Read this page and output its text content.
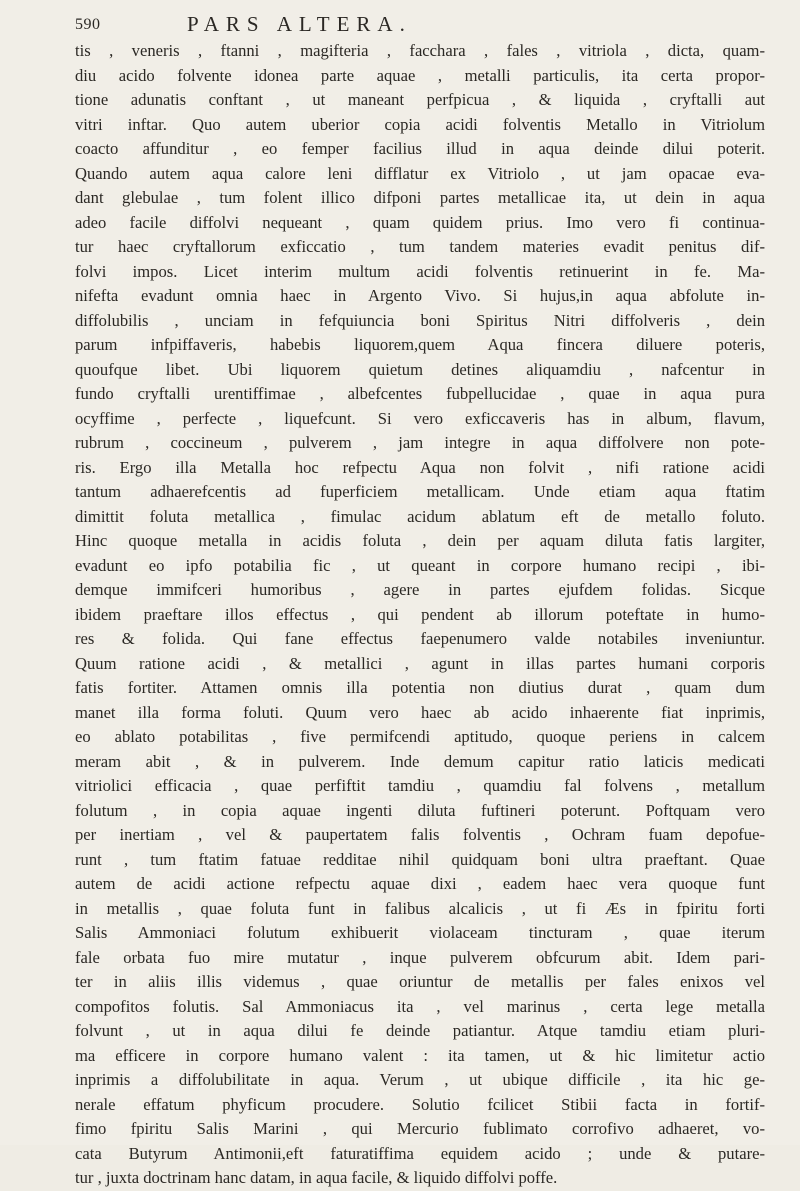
590	PARS ALTERA.
tis , veneris , ftanni , magifteria , facchara , fales , vitriola , dicta, quam-
diu acido folvente idonea parte aquae , metalli particulis, ita certa propor-
tione adunatis conftant , ut maneant perfpicua , & liquida , cryftalli aut
vitri inftar. Quo autem uberior copia acidi folventis Metallo in Vitriolum
coacto affunditur , eo femper facilius illud in aqua deinde dilui poterit.
Quando autem aqua calore leni difflatur ex Vitriolo , ut jam opacae eva-
dant glebulae , tum folent illico difponi partes metallicae ita, ut dein in aqua
adeo facile diffolvi nequeant , quam quidem prius. Imo vero fi continua-
tur haec cryftallorum exficcatio , tum tandem materies evadit penitus dif-
folvi impos. Licet interim multum acidi folventis retinuerint in fe. Ma-
nifefta evadunt omnia haec in Argento Vivo. Si hujus,in aqua abfolute in-
diffolubilis , unciam in fefquiuncia boni Spiritus Nitri diffolveris , dein
parum infpiffaveris, habebis liquorem,quem Aqua fincera diluere poteris,
quoufque libet. Ubi liquorem quietum detines aliquamdiu , nafcentur in
fundo cryftalli urentiffimae , albefcentes fubpellucidae , quae in aqua pura
ocyffime , perfecte , liquefcunt. Si vero exficcaveris has in album, flavum,
rubrum , coccineum , pulverem , jam integre in aqua diffolvere non pote-
ris. Ergo illa Metalla hoc refpectu Aqua non folvit , nifi ratione acidi
tantum adhaerefcentis ad fuperficiem metallicam. Unde etiam aqua ftatim
dimittit foluta metallica , fimulac acidum ablatum eft de metallo foluto.
Hinc quoque metalla in acidis foluta , dein per aquam diluta fatis largiter,
evadunt eo ipfo potabilia fic , ut queant in corpore humano recipi , ibi-
demque immifceri humoribus , agere in partes ejufdem folidas. Sicque
ibidem praeftare illos effectus , qui pendent ab illorum poteftate in humo-
res & folida. Qui fane effectus faepenumero valde notabiles inveniuntur.
Quum ratione acidi , & metallici , agunt in illas partes humani corporis
fatis fortiter. Attamen omnis illa potentia non diutius durat , quam dum
manet illa forma foluti. Quum vero haec ab acido inhaerente fiat inprimis,
eo ablato potabilitas , five permifcendi aptitudo, quoque periens in calcem
meram abit , & in pulverem. Inde demum capitur ratio laticis medicati
vitriolici efficacia , quae perfiftit tamdiu , quamdiu fal folvens , metallum
folutum , in copia aquae ingenti diluta fuftineri poterunt. Poftquam vero
per inertiam , vel & paupertatem falis folventis , Ochram fuam depofue-
runt , tum ftatim fatuae redditae nihil quidquam boni ultra praeftant. Quae
autem de acidi actione refpectu aquae dixi , eadem haec vera quoque funt
in metallis , quae foluta funt in falibus alcalicis , ut fi Æs in fpiritu forti
Salis Ammoniaci folutum exhibuerit violaceam tincturam , quae iterum
fale orbata fuo mire mutatur , inque pulverem obfcurum abit. Idem pari-
ter in aliis illis videmus , quae oriuntur de metallis per fales enixos vel
compofitos folutis. Sal Ammoniacus ita , vel marinus , certa lege metalla
folvunt , ut in aqua dilui fe deinde patiantur. Atque tamdiu etiam pluri-
ma efficere in corpore humano valent : ita tamen, ut & hic limitetur actio
inprimis a diffolubilitate in aqua. Verum , ut ubique difficile , ita hic ge-
nerale effatum phyficum procudere. Solutio fcilicet Stibii facta in fortif-
fimo fpiritu Salis Marini , qui Mercurio fublimato corrofivo adhaeret, vo-
cata Butyrum Antimonii,eft faturatiffima equidem acido ; unde & putare-
tur , juxta doctrinam hanc datam, in aqua facile, & liquido diffolvi poffe.
